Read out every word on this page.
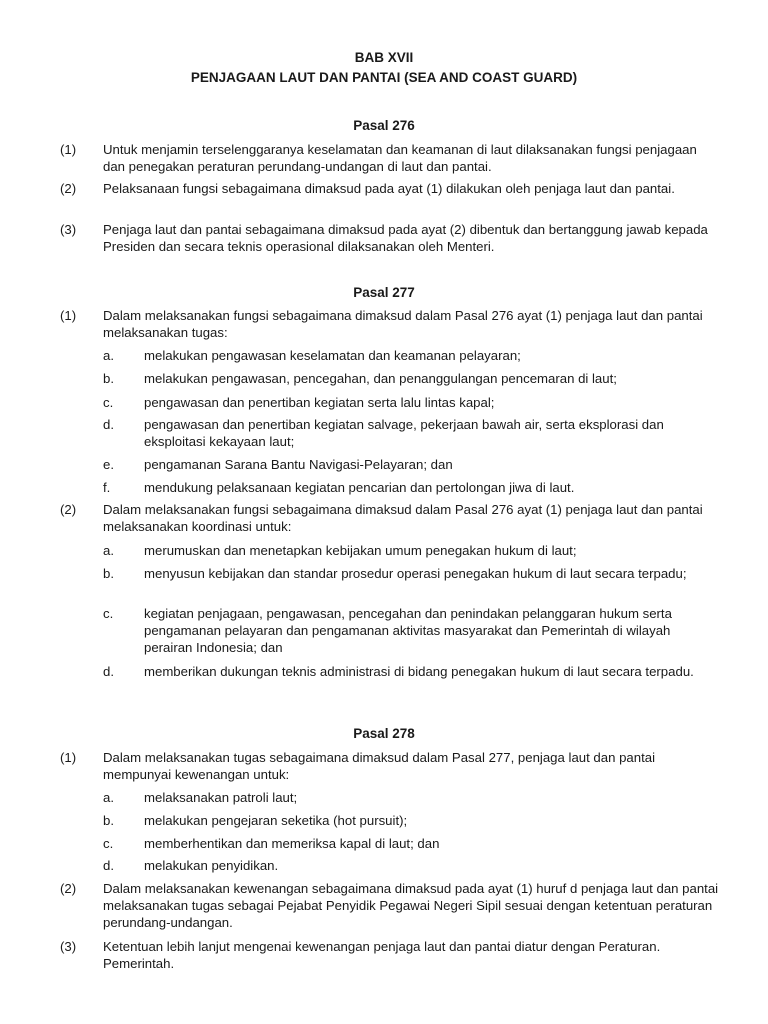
BAB XVII
PENJAGAAN LAUT DAN PANTAI (SEA AND COAST GUARD)
Pasal 276
(1) Untuk menjamin terselenggaranya keselamatan dan keamanan di laut dilaksanakan fungsi penjagaan dan penegakan peraturan perundang-undangan di laut dan pantai.
(2) Pelaksanaan fungsi sebagaimana dimaksud pada ayat (1) dilakukan oleh penjaga laut dan pantai.
(3) Penjaga laut dan pantai sebagaimana dimaksud pada ayat (2) dibentuk dan bertanggung jawab kepada Presiden dan secara teknis operasional dilaksanakan oleh Menteri.
Pasal 277
(1) Dalam melaksanakan fungsi sebagaimana dimaksud dalam Pasal 276 ayat (1) penjaga laut dan pantai melaksanakan tugas:
a. melakukan pengawasan keselamatan dan keamanan pelayaran;
b. melakukan pengawasan, pencegahan, dan penanggulangan pencemaran di laut;
c. pengawasan dan penertiban kegiatan serta lalu lintas kapal;
d. pengawasan dan penertiban kegiatan salvage, pekerjaan bawah air, serta eksplorasi dan eksploitasi kekayaan laut;
e. pengamanan Sarana Bantu Navigasi-Pelayaran; dan
f.	mendukung pelaksanaan kegiatan pencarian dan pertolongan jiwa di laut.
(2) Dalam melaksanakan fungsi sebagaimana dimaksud dalam Pasal 276 ayat (1) penjaga laut dan pantai melaksanakan koordinasi untuk:
a. merumuskan dan menetapkan kebijakan umum penegakan hukum di laut;
b. menyusun kebijakan dan standar prosedur operasi penegakan hukum di laut secara terpadu;
c. kegiatan penjagaan, pengawasan, pencegahan dan penindakan pelanggaran hukum serta pengamanan pelayaran dan pengamanan aktivitas masyarakat dan Pemerintah di wilayah perairan Indonesia; dan
d. memberikan dukungan teknis administrasi di bidang penegakan hukum di laut secara terpadu.
Pasal 278
(1) Dalam melaksanakan tugas sebagaimana dimaksud dalam Pasal 277, penjaga laut dan pantai mempunyai kewenangan untuk:
a. melaksanakan patroli laut;
b. melakukan pengejaran seketika (hot pursuit);
c. memberhentikan dan memeriksa kapal di laut; dan
d. melakukan penyidikan.
(2) Dalam melaksanakan kewenangan sebagaimana dimaksud pada ayat (1) huruf d penjaga laut dan pantai melaksanakan tugas sebagai Pejabat Penyidik Pegawai Negeri Sipil sesuai dengan ketentuan peraturan perundang-undangan.
(3) Ketentuan lebih lanjut mengenai kewenangan penjaga laut dan pantai diatur dengan Peraturan. Pemerintah.
